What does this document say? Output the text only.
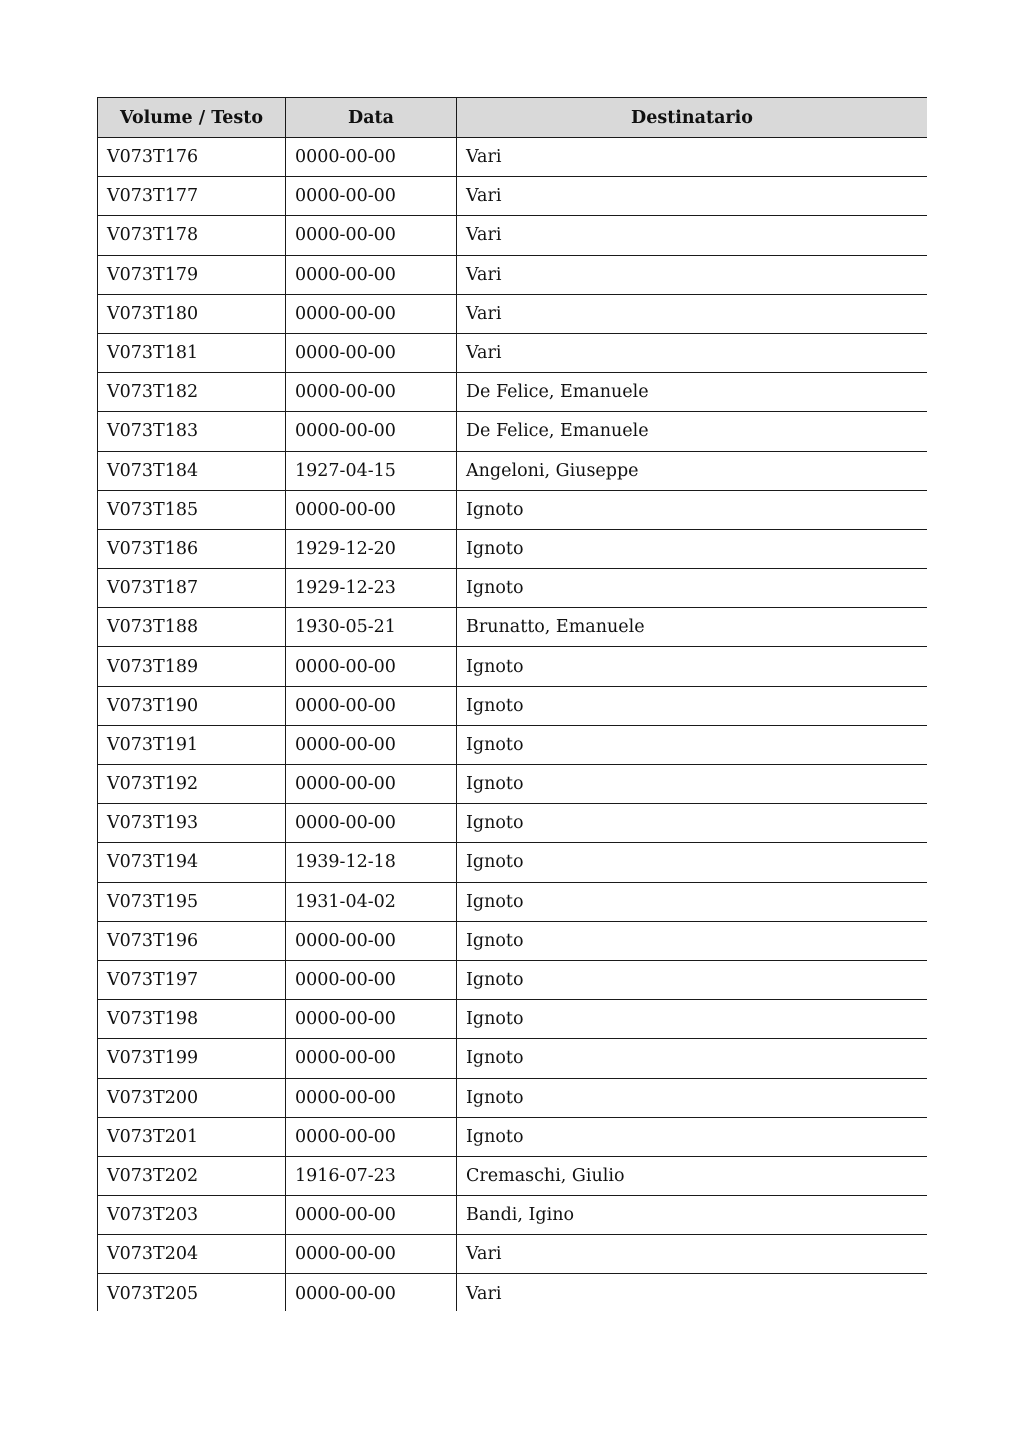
Volume / Testo	Data	Destinatario
V073T176	0000-00-00	Vari
V073T177	0000-00-00	Vari
V073T178	0000-00-00	Vari
V073T179	0000-00-00	Vari
V073T180	0000-00-00	Vari
V073T181	0000-00-00	Vari
V073T182	0000-00-00	De Felice, Emanuele
V073T183	0000-00-00	De Felice, Emanuele
V073T184	1927-04-15	Angeloni, Giuseppe
V073T185	0000-00-00	Ignoto
V073T186	1929-12-20	Ignoto
V073T187	1929-12-23	Ignoto
V073T188	1930-05-21	Brunatto, Emanuele
V073T189	0000-00-00	Ignoto
V073T190	0000-00-00	Ignoto
V073T191	0000-00-00	Ignoto
V073T192	0000-00-00	Ignoto
V073T193	0000-00-00	Ignoto
V073T194	1939-12-18	Ignoto
V073T195	1931-04-02	Ignoto
V073T196	0000-00-00	Ignoto
V073T197	0000-00-00	Ignoto
V073T198	0000-00-00	Ignoto
V073T199	0000-00-00	Ignoto
V073T200	0000-00-00	Ignoto
V073T201	0000-00-00	Ignoto
V073T202	1916-07-23	Cremaschi, Giulio
V073T203	0000-00-00	Bandi, Igino
V073T204	0000-00-00	Vari
V073T205	0000-00-00	Vari
